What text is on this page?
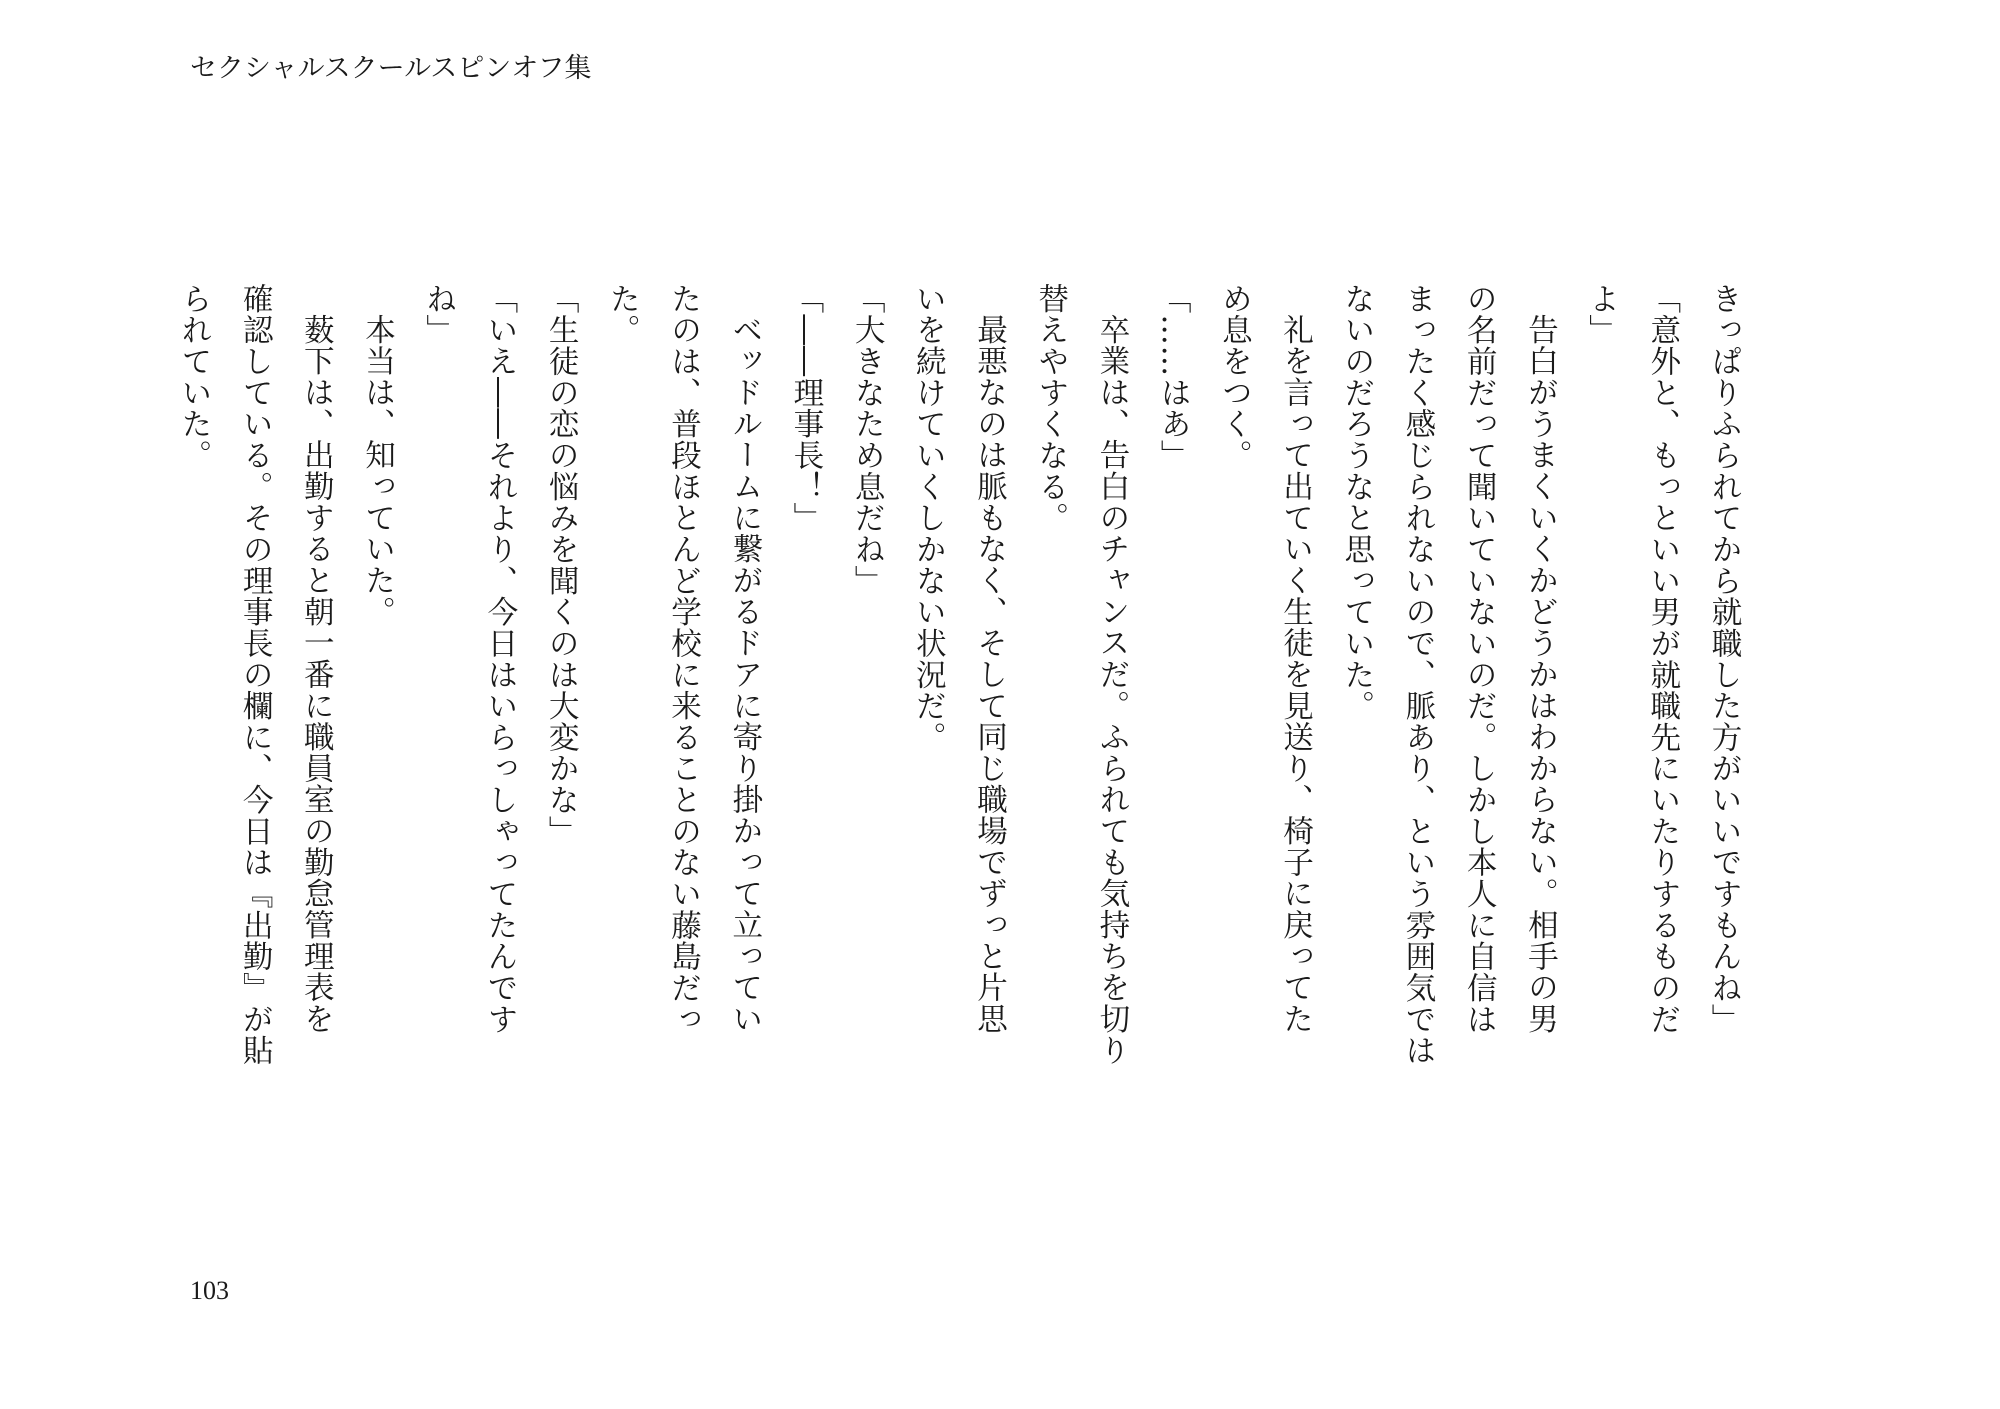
セクシャルスクールスピンオフ集

きっぱりふられてから就職した方がいいですもんね」

「意外と、もっといい男が就職先にいたりするものだ

よ」

告白がうまくいくかどうかはわからない。相手の男

の名前だって聞いていないのだ。しかし本人に自信は

まったく感じられないので、脈あり、という雰囲気では

ないのだろうなと思っていた。

礼を言って出ていく生徒を見送り、椅子に戻ってた

め息をつく。

「……はあ」

卒業は、告白のチャンスだ。ふられても気持ちを切り

替えやすくなる。

最悪なのは脈もなく、そして同じ職場でずっと片思

いを続けていくしかない状況だ。

「大きなため息だね」

「――理事長！」

ベッドルームに繋がるドアに寄り掛かって立ってい

たのは、普段ほとんど学校に来ることのない藤島だっ

た。

「生徒の恋の悩みを聞くのは大変かな」

「いえ――それより、今日はいらっしゃってたんです

ね」

本当は、知っていた。

薮下は、出勤すると朝一番に職員室の勤怠管理表を

確認している。その理事長の欄に、今日は『出勤』が貼

られていた。

103
